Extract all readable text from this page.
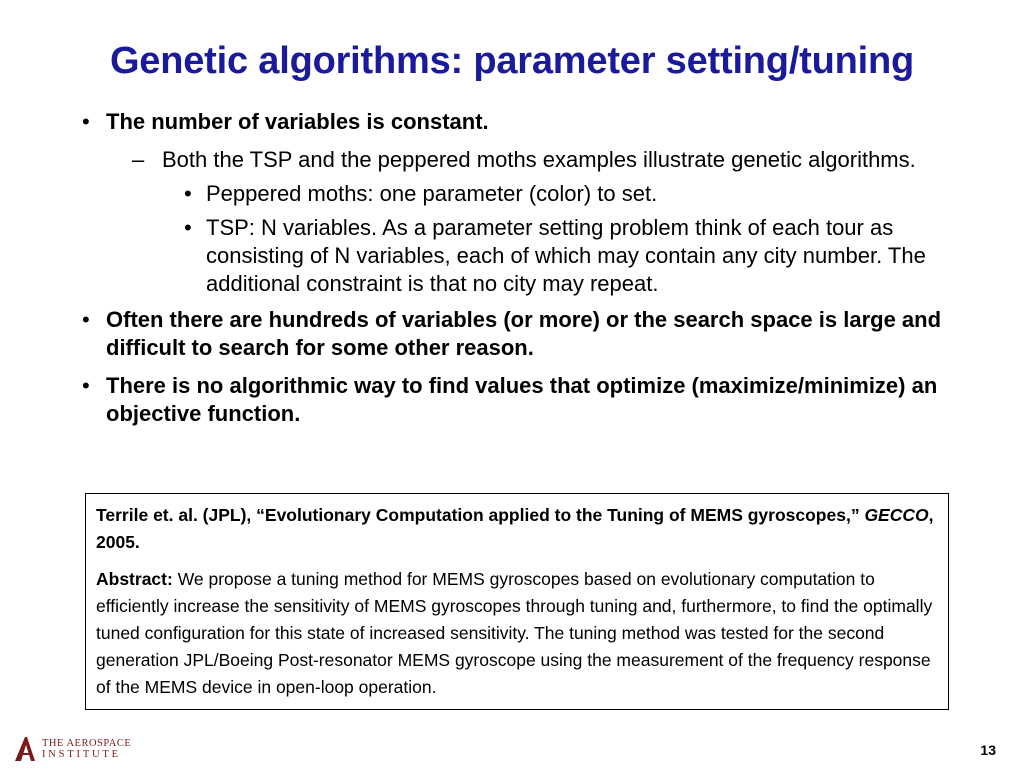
Genetic algorithms: parameter setting/tuning
• The number of variables is constant.
– Both the TSP and the peppered moths examples illustrate genetic algorithms.
• Peppered moths: one parameter (color) to set.
• TSP: N variables. As a parameter setting problem think of each tour as consisting of N variables, each of which may contain any city number. The additional constraint is that no city may repeat.
• Often there are hundreds of variables (or more) or the search space is large and difficult to search for some other reason.
• There is no algorithmic way to find values that optimize (maximize/minimize) an objective function.

Terrile et. al. (JPL), “Evolutionary Computation applied to the Tuning of MEMS gyroscopes,” GECCO, 2005.

Abstract: We propose a tuning method for MEMS gyroscopes based on evolutionary computation to efficiently increase the sensitivity of MEMS gyroscopes through tuning and, furthermore, to find the optimally tuned configuration for this state of increased sensitivity. The tuning method was tested for the second generation JPL/Boeing Post-resonator MEMS gyroscope using the measurement of the frequency response of the MEMS device in open-loop operation.

THE AEROSPACE
INSTITUTE	13
